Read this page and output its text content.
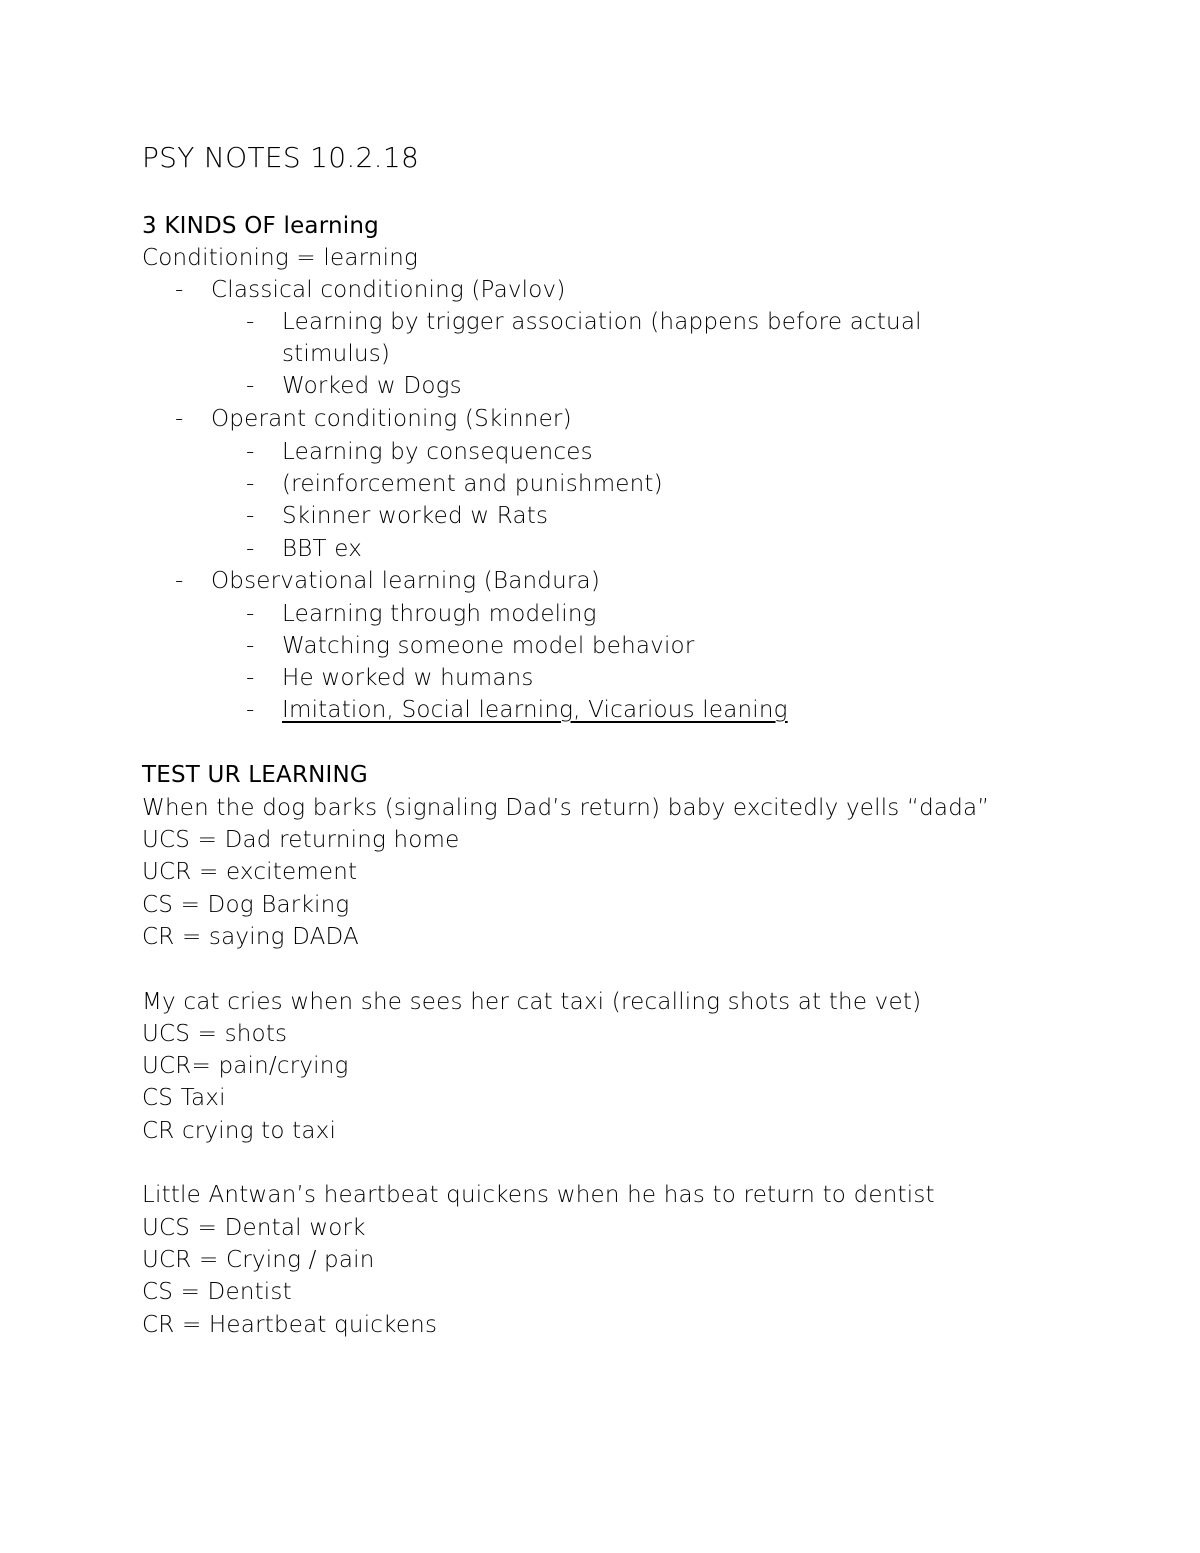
PSY NOTES 10.2.18
3 KINDS OF learning
Conditioning = learning
- Classical conditioning (Pavlov)
- Learning by trigger association (happens before actual
stimulus)
- Worked w Dogs
- Operant conditioning (Skinner)
- Learning by consequences
- (reinforcement and punishment)
- Skinner worked w Rats
- BBT ex
- Observational learning (Bandura)
- Learning through modeling
- Watching someone model behavior
- He worked w humans
- Imitation, Social learning, Vicarious leaning
TEST UR LEARNING
When the dog barks (signaling Dad’s return) baby excitedly yells “dada”
UCS = Dad returning home
UCR = excitement
CS = Dog Barking
CR = saying DADA
My cat cries when she sees her cat taxi (recalling shots at the vet)
UCS = shots
UCR= pain/crying
CS Taxi
CR crying to taxi
Little Antwan’s heartbeat quickens when he has to return to dentist
UCS = Dental work
UCR = Crying / pain
CS = Dentist
CR = Heartbeat quickens
